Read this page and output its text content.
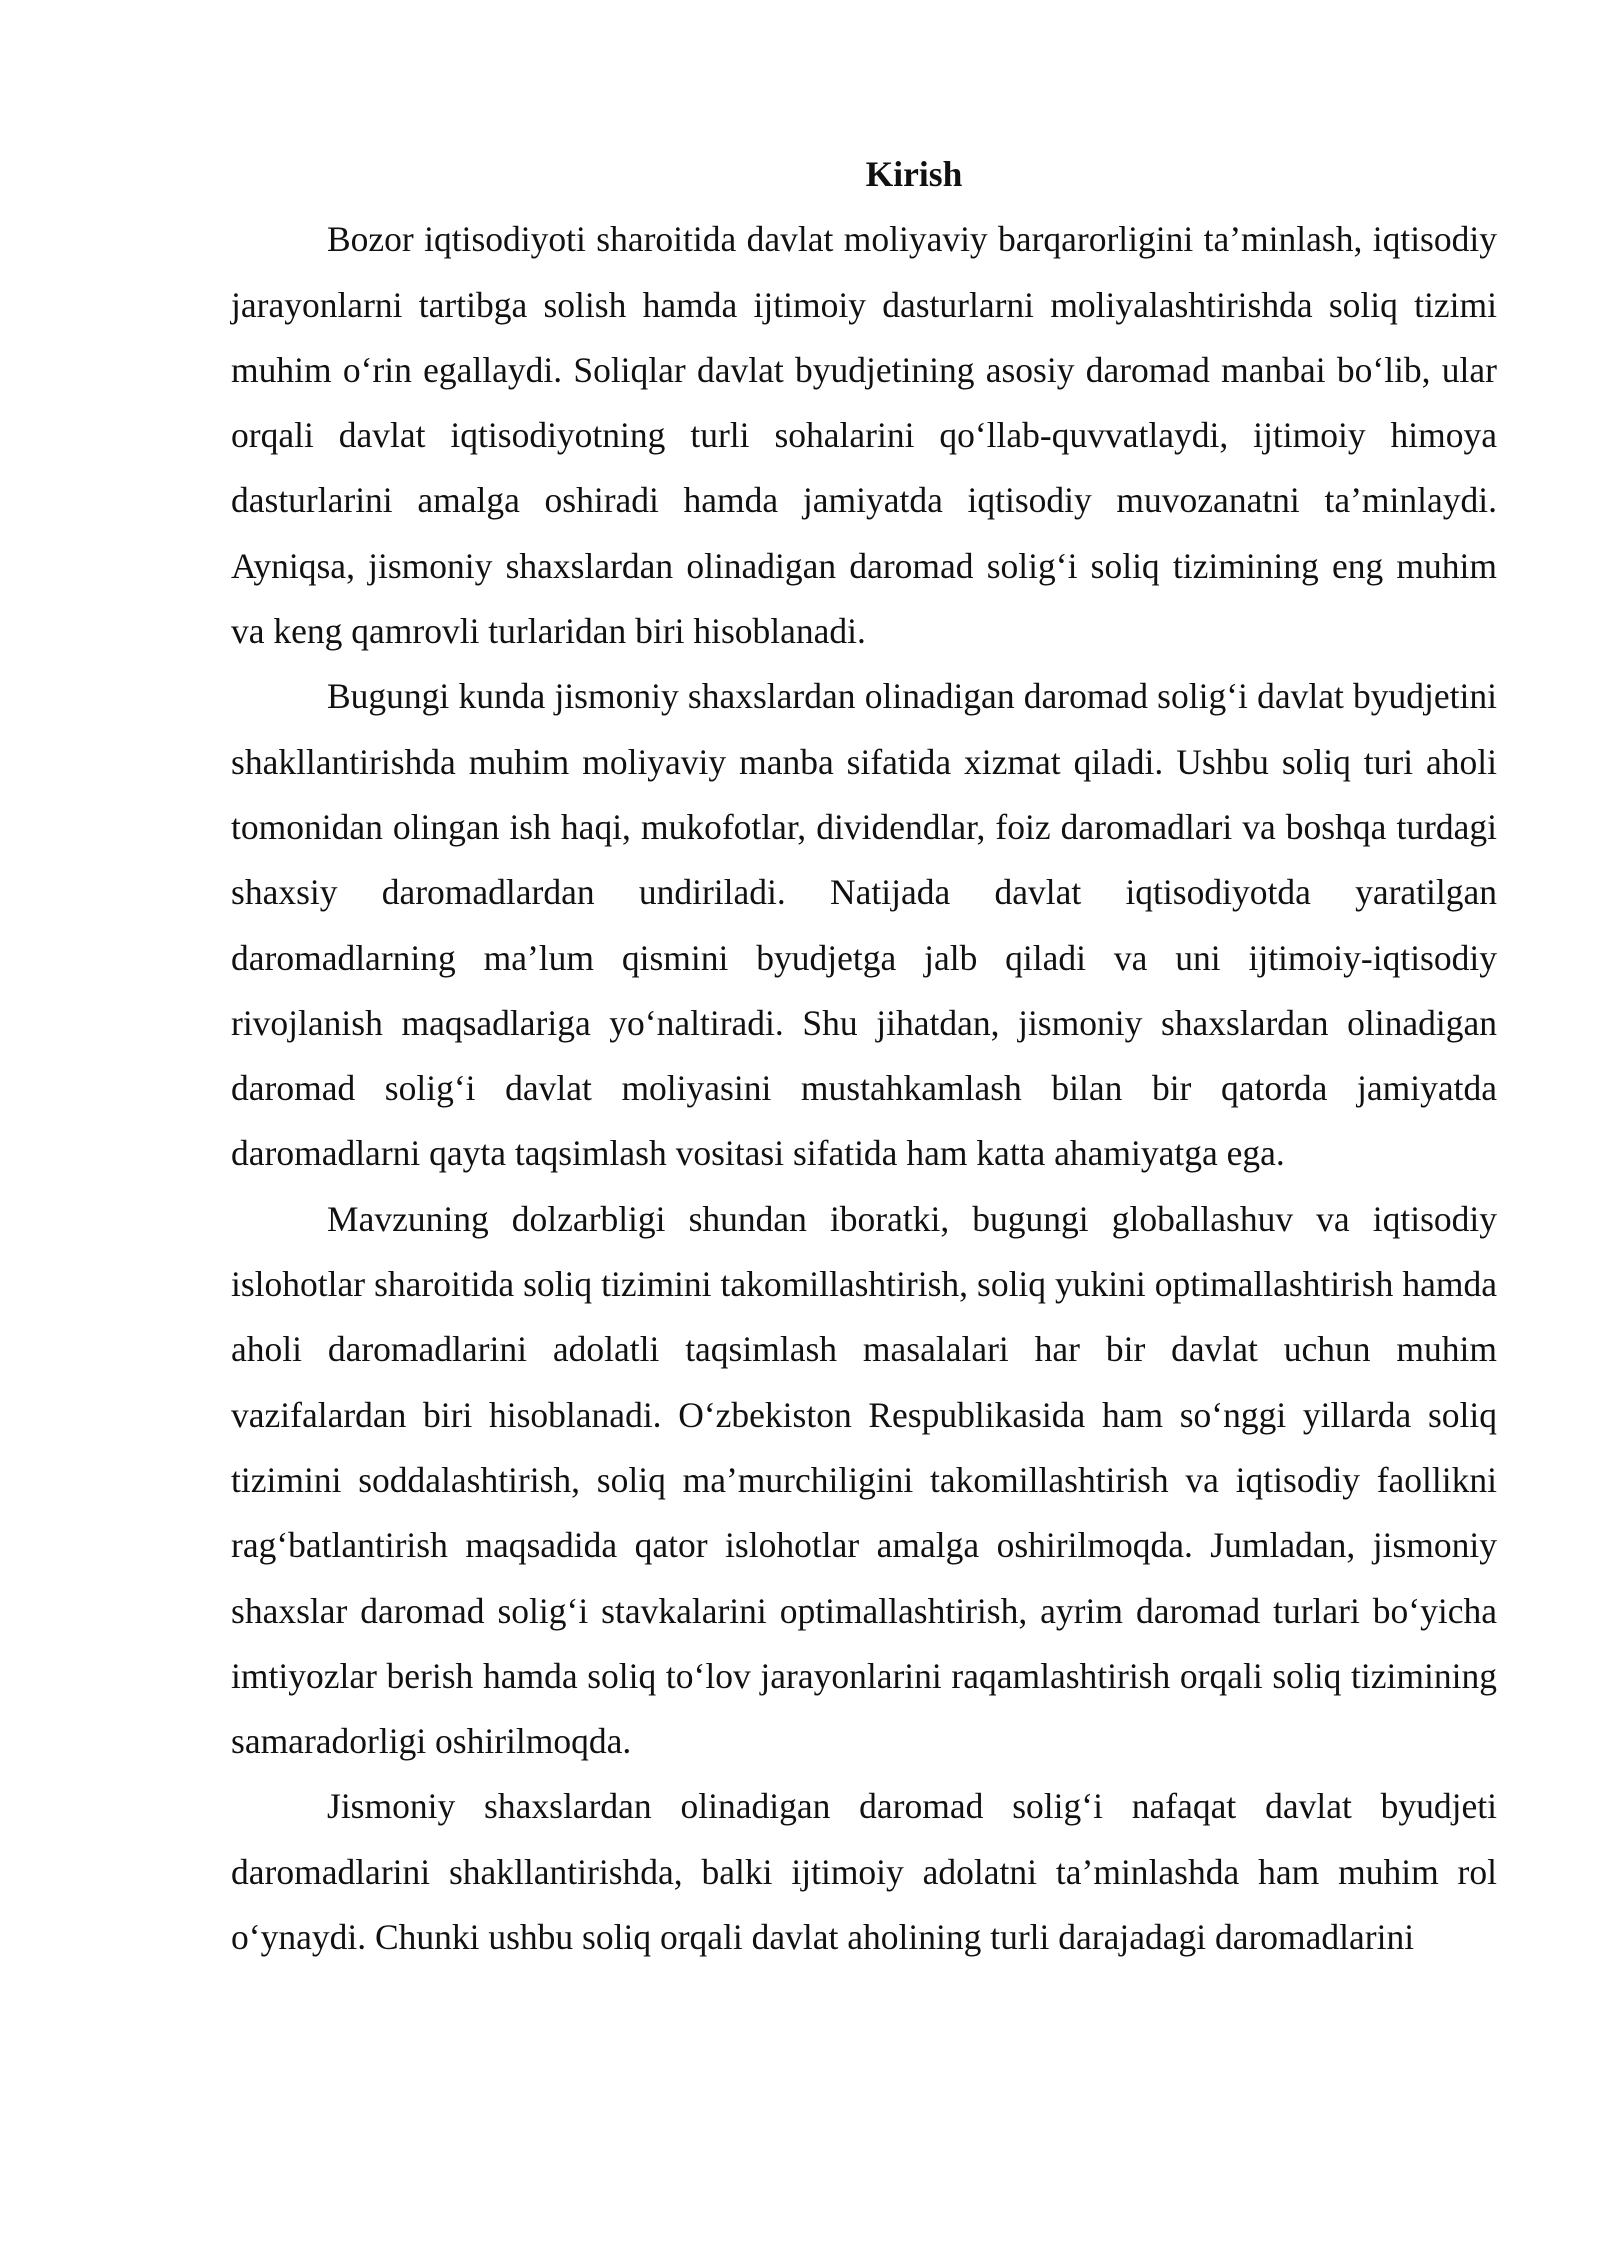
Kirish

Bozor iqtisodiyoti sharoitida davlat moliyaviy barqarorligini ta’minlash, iqtisodiy jarayonlarni tartibga solish hamda ijtimoiy dasturlarni moliyalashtirishda soliq tizimi muhim o‘rin egallaydi. Soliqlar davlat byudjetining asosiy daromad manbai bo‘lib, ular orqali davlat iqtisodiyotning turli sohalarini qo‘llab-quvvatlaydi, ijtimoiy himoya dasturlarini amalga oshiradi hamda jamiyatda iqtisodiy muvozanatni ta’minlaydi. Ayniqsa, jismoniy shaxslardan olinadigan daromad solig‘i soliq tizimining eng muhim va keng qamrovli turlaridan biri hisoblanadi.

Bugungi kunda jismoniy shaxslardan olinadigan daromad solig‘i davlat byudjetini shakllantirishda muhim moliyaviy manba sifatida xizmat qiladi. Ushbu soliq turi aholi tomonidan olingan ish haqi, mukofotlar, dividendlar, foiz daromadlari va boshqa turdagi shaxsiy daromadlardan undiriladi. Natijada davlat iqtisodiyotda yaratilgan daromadlarning ma’lum qismini byudjetga jalb qiladi va uni ijtimoiy-iqtisodiy rivojlanish maqsadlariga yo‘naltiradi. Shu jihatdan, jismoniy shaxslardan olinadigan daromad solig‘i davlat moliyasini mustahkamlash bilan bir qatorda jamiyatda daromadlarni qayta taqsimlash vositasi sifatida ham katta ahamiyatga ega.

Mavzuning dolzarbligi shundan iboratki, bugungi globallashuv va iqtisodiy islohotlar sharoitida soliq tizimini takomillashtirish, soliq yukini optimallashtirish hamda aholi daromadlarini adolatli taqsimlash masalalari har bir davlat uchun muhim vazifalardan biri hisoblanadi. O‘zbekiston Respublikasida ham so‘nggi yillarda soliq tizimini soddalashtirish, soliq ma’murchiligini takomillashtirish va iqtisodiy faollikni rag‘batlantirish maqsadida qator islohotlar amalga oshirilmoqda. Jumladan, jismoniy shaxslar daromad solig‘i stavkalarini optimallashtirish, ayrim daromad turlari bo‘yicha imtiyozlar berish hamda soliq to‘lov jarayonlarini raqamlashtirish orqali soliq tizimining samaradorligi oshirilmoqda.

Jismoniy shaxslardan olinadigan daromad solig‘i nafaqat davlat byudjeti daromadlarini shakllantirishda, balki ijtimoiy adolatni ta’minlashda ham muhim rol o‘ynaydi. Chunki ushbu soliq orqali davlat aholining turli darajadagi daromadlarini
